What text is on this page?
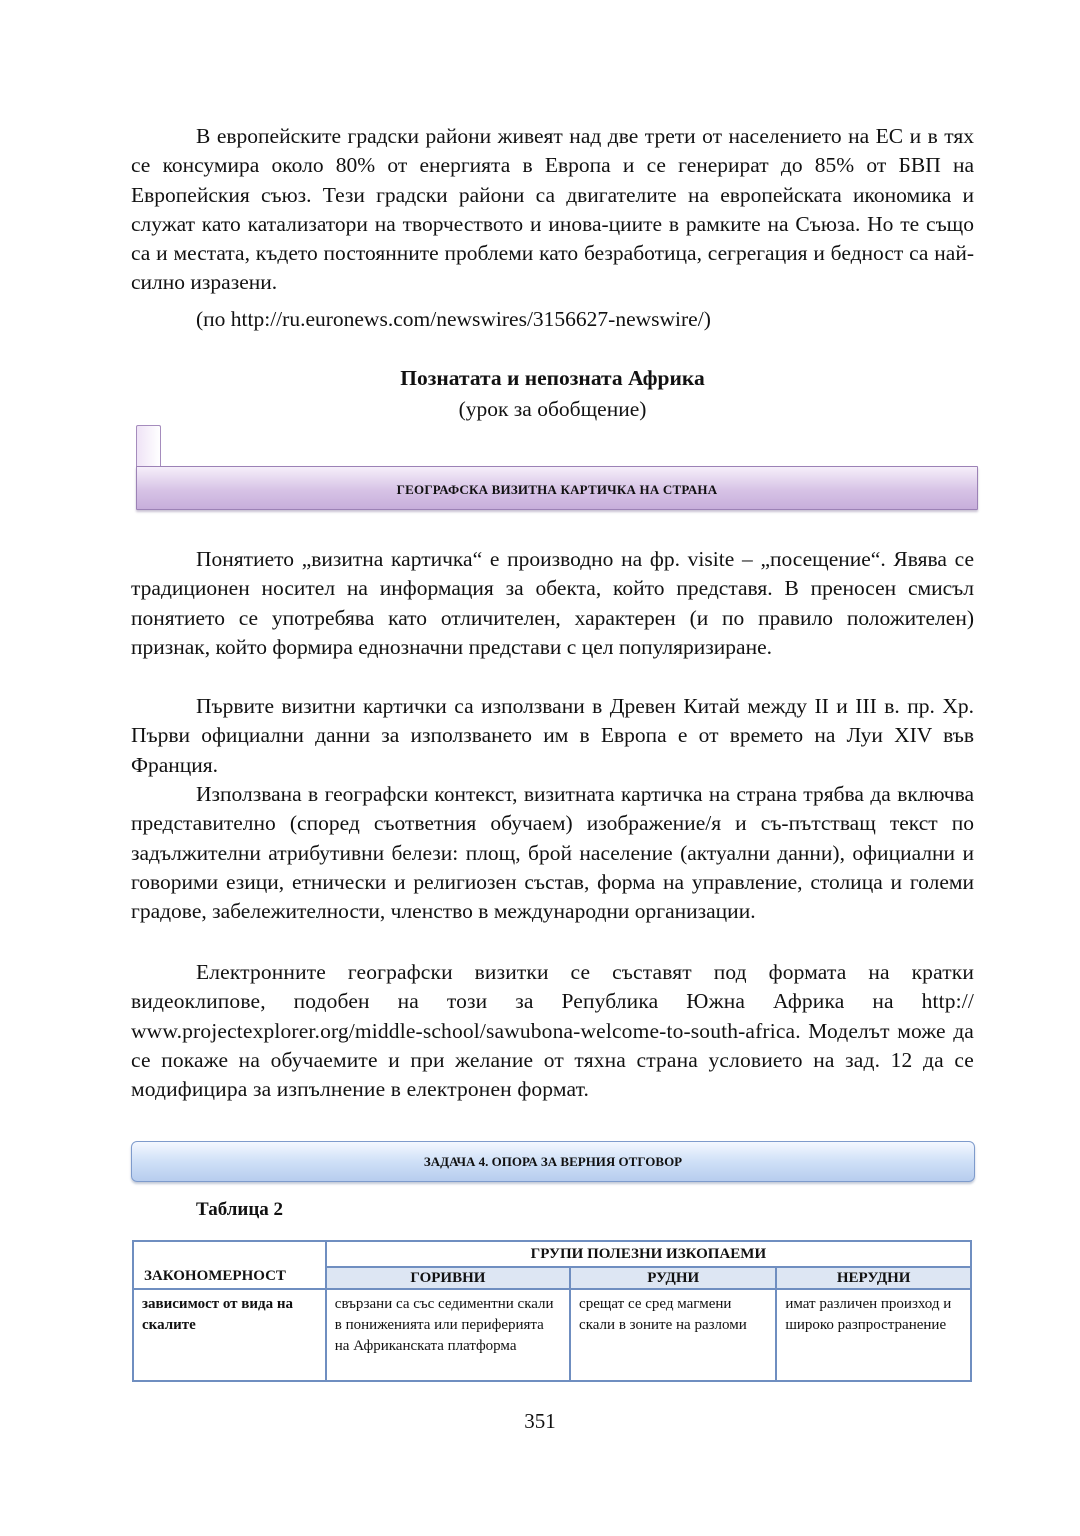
В европейските градски райони живеят над две трети от населението на ЕС и в тях се консумира около 80% от енергията в Европа и се генерират до 85% от БВП на Европейския съюз. Тези градски райони са двигателите на европейската икономика и служат като катализатори на творчеството и инова-циите в рамките на Съюза. Но те също са и местата, където постоянните проблеми като безработица, сегрегация и бедност са най-силно изразени.

(по http://ru.euronews.com/newswires/3156627-newswire/)

Познатата и непозната Африка

(урок за обобщение)

ГЕОГРАФСКА ВИЗИТНА КАРТИЧКА НА СТРАНА

Понятието „визитна картичка“ е производно на фр. visite – „посещение“. Явява се традиционен носител на информация за обекта, който представя. В преносен смисъл понятието се употребява като отличителен, характерен (и по правило положителен) признак, който формира еднозначни представи с цел популяризиране.

Първите визитни картички са използвани в Древен Китай между II и III в. пр. Хр. Първи официални данни за използването им в Европа е от времето на Луи XIV във Франция.

Използвана в географски контекст, визитната картичка на страна трябва да включва представително (според съответния обучаем) изображение/я и съ-пътстващ текст по задължителни атрибутивни белези: площ, брой население (актуални данни), официални и говорими езици, етнически и религиозен състав, форма на управление, столица и големи градове, забележителности, членство в международни организации.

Електронните географски визитки се съставят под формата на кратки видеоклипове, подобен на този за Република Южна Африка на http:// www.projectexplorer.org/middle-school/sawubona-welcome-to-south-africa. Моделът може да се покаже на обучаемите и при желание от тяхна страна условието на зад. 12 да се модифицира за изпълнение в електронен формат.

ЗАДАЧА 4. ОПОРА ЗА ВЕРНИЯ ОТГОВОР
Таблица 2
ЗАКОНОМЕРНОСТ	ГРУПИ ПОЛЕЗНИ ИЗКОПАЕМИ		
	ГОРИВНИ	РУДНИ	НЕРУДНИ
зависимост от вида на скалите	свързани са със седиментни скали в пониженията или периферията на Африканската платформа	срещат се сред магмени скали в зоните на разломи	имат различен произход и широко разпространение
351
